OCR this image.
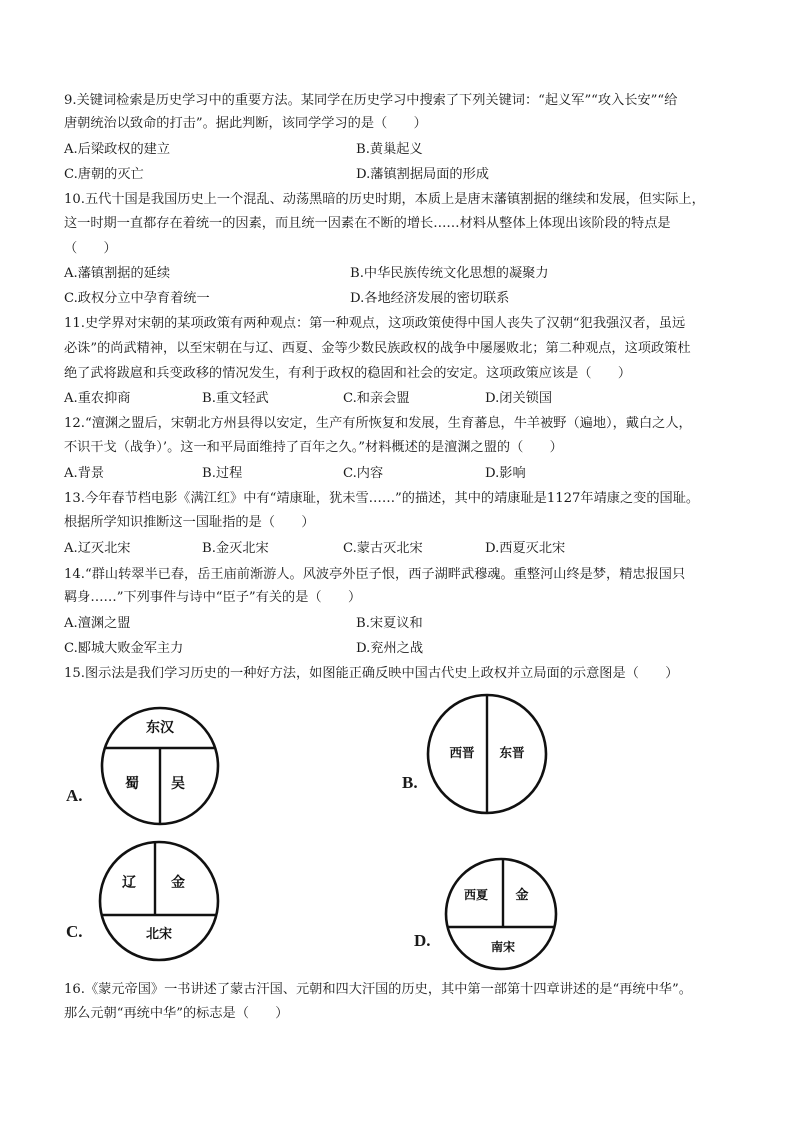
9.关键词检索是历史学习中的重要方法。某同学在历史学习中搜索了下列关键词：“起义军”“攻入长安”“给
唐朝统治以致命的打击”。据此判断，该同学学习的是（　　）
A.后梁政权的建立	B.黄巢起义
C.唐朝的灭亡	D.藩镇割据局面的形成
10.五代十国是我国历史上一个混乱、动荡黑暗的历史时期，本质上是唐末藩镇割据的继续和发展，但实际上，
这一时期一直都存在着统一的因素，而且统一因素在不断的增长……材料从整体上体现出该阶段的特点是
（　　）
A.藩镇割据的延续	B.中华民族传统文化思想的凝聚力
C.政权分立中孕育着统一	D.各地经济发展的密切联系
11.史学界对宋朝的某项政策有两种观点：第一种观点，这项政策使得中国人丧失了汉朝“犯我强汉者，虽远
必诛”的尚武精神，以至宋朝在与辽、西夏、金等少数民族政权的战争中屡屡败北；第二种观点，这项政策杜
绝了武将跋扈和兵变政移的情况发生，有利于政权的稳固和社会的安定。这项政策应该是（　　）
A.重农抑商	B.重文轻武	C.和亲会盟	D.闭关锁国
12.“澶渊之盟后，宋朝北方州县得以安定，生产有所恢复和发展，生育蕃息，牛羊被野（遍地），戴白之人，
不识干戈（战争）’。这一和平局面维持了百年之久。”材料概述的是澶渊之盟的（　　）
A.背景	B.过程	C.内容	D.影响
13.今年春节档电影《满江红》中有“靖康耻，犹未雪……”的描述，其中的靖康耻是1127年靖康之变的国耻。
根据所学知识推断这一国耻指的是（　　）
A.辽灭北宋	B.金灭北宋	C.蒙古灭北宋	D.西夏灭北宋
14.“群山转翠半已春，岳王庙前渐游人。风波亭外臣子恨，西子湖畔武穆魂。重整河山终是梦，精忠报国只
羁身……”下列事件与诗中“臣子”有关的是（　　）
A.澶渊之盟	B.宋夏议和
C.郾城大败金军主力	D.兖州之战
15.图示法是我们学习历史的一种好方法，如图能正确反映中国古代史上政权并立局面的示意图是（　　）
A.
东汉
蜀 吴	B.
西晋 东晋
C.
辽	金
北宋	D.
西夏 金
南宋
16.《蒙元帝国》一书讲述了蒙古汗国、元朝和四大汗国的历史，其中第一部第十四章讲述的是“再统中华”。
那么元朝“再统中华”的标志是（　　）
